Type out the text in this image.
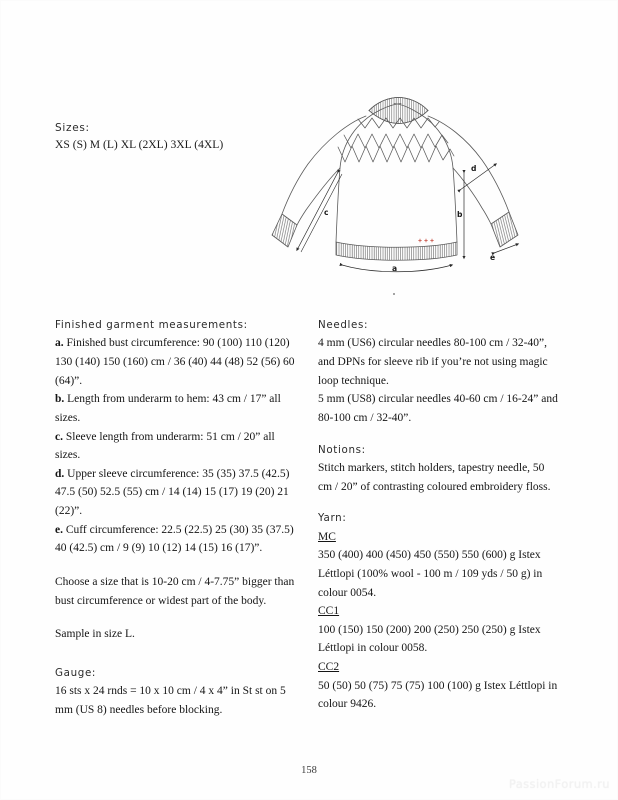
Sizes:
XS (S) M (L) XL (2XL) 3XL (4XL)
a
b
c
d
e
Finished garment measurements:

a. Finished bust circumference: 90 (100) 110 (120) 130 (140) 150 (160) cm / 36 (40) 44 (48) 52 (56) 60 (64)”.

b. Length from underarm to hem: 43 cm / 17” all sizes.

c. Sleeve length from underarm: 51 cm / 20” all sizes.

d. Upper sleeve circumference: 35 (35) 37.5 (42.5) 47.5 (50) 52.5 (55) cm / 14 (14) 15 (17) 19 (20) 21 (22)”.

e. Cuff circumference: 22.5 (22.5) 25 (30) 35 (37.5) 40 (42.5) cm / 9 (9) 10 (12) 14 (15) 16 (17)”.

Choose a size that is 10-20 cm / 4-7.75” bigger than bust circumference or widest part of the body.

Sample in size L.

Gauge:

16 sts x 24 rnds = 10 x 10 cm / 4 x 4” in St st on 5 mm (US 8) needles before blocking.

Needles:

4 mm (US6) circular needles 80-100 cm / 32-40”, and DPNs for sleeve rib if you’re not using magic loop technique.

5 mm (US8) circular needles 40-60 cm / 16-24” and 80-100 cm / 32-40”.

Notions:

Stitch markers, stitch holders, tapestry needle, 50 cm / 20” of contrasting coloured embroidery floss.

Yarn:
MC

350 (400) 400 (450) 450 (550) 550 (600) g Istex Léttlopi (100% wool - 100 m / 109 yds / 50 g) in colour 0054.

CC1

100 (150) 150 (200) 200 (250) 250 (250) g Istex Léttlopi in colour 0058.

CC2

50 (50) 50 (75) 75 (75) 100 (100) g Istex Léttlopi in colour 9426.

158
PassionForum.ru
